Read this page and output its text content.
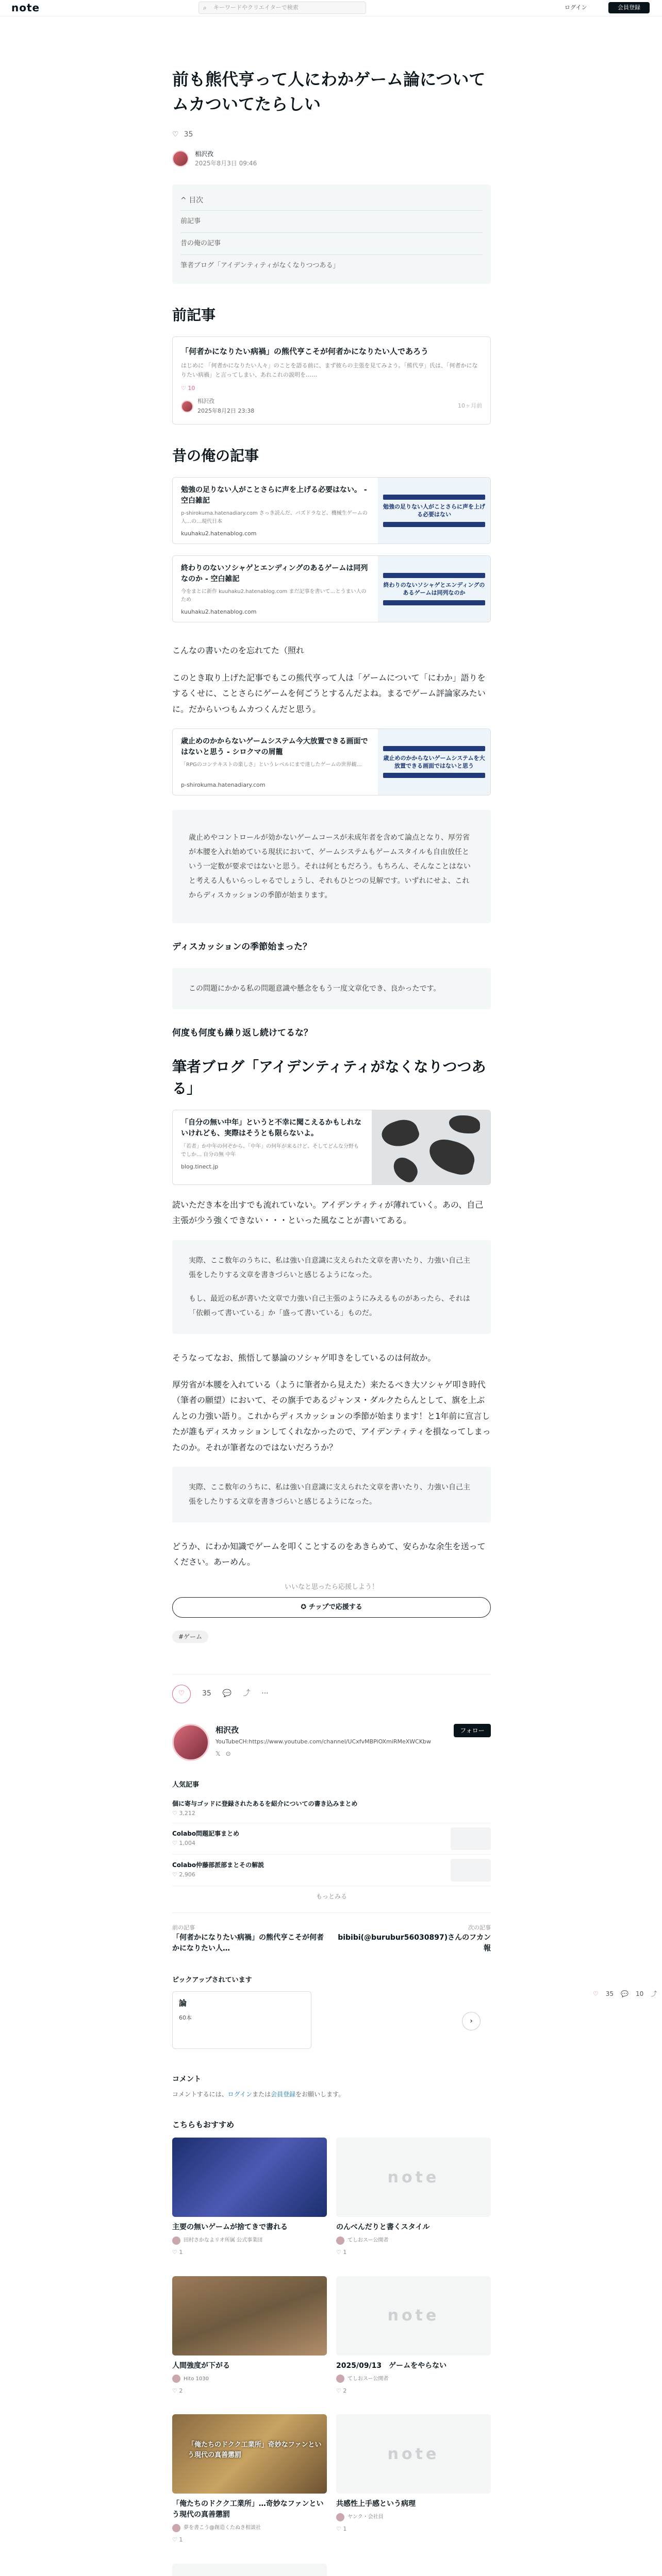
note	⌕ キーワードやクリエイターで検索	ログイン	会員登録
前も熊代亨って人にわかゲーム論についてムカついてたらしい
♡ 35
相沢孜
2025年8月3日 09:46
^ 目次
前記事
昔の俺の記事
筆者ブログ「アイデンティティがなくなりつつある」
前記事
「何者かになりたい病禍」の熊代亨こそが何者かになりたい人であろう
はじめに 「何者かになりたい人々」のことを語る前に、まず彼らの主張を見てみよう。「熊代亨」氏は、「何者かになりたい病禍」と言ってしまい、あれこれの説明を……
♡ 10
相沢孜
2025年8月2日 23:38
10ヶ月前
昔の俺の記事
勉強の足りない人がことさらに声を上げる必要はない。 - 空白雑記
p-shirokuma.hatenadiary.com さっき読んだ、バズドラなど、機械生ゲームの人…の…現代日本
kuuhaku2.hatenablog.com
勉強の足りない人がことさらに声を上げる必要はない
終わりのないソシャゲとエンディングのあるゲームは同列なのか - 空白雑記
今をまとに新作 kuuhaku2.hatenablog.com まだ記事を書いて…とうまい人のため
kuuhaku2.hatenablog.com
終わりのないソシャゲとエンディングのあるゲームは同列なのか

こんなの書いたのを忘れてた（照れ

このとき取り上げた記事でもこの熊代亨って人は「ゲームについて「にわか」語りをするくせに、ことさらにゲームを何ごうとするんだよね。まるでゲーム評論家みたいに。だからいつもムカつくんだと思う。

歳止めのかからないゲームシステム今大放置できる画面ではないと思う - シロクマの屑籠
「RPGのコンテキストの楽しさ」というレベルにまで達したゲームの世界観…
p-shirokuma.hatenadiary.com
歳止めのかからないゲームシステムを大放置できる画面ではないと思う

歳止めやコントロールが効かないゲームコースが未成年者を含めて論点となり、厚労省が本腰を入れ始めている現状において、ゲームシステムもゲームスタイルも自由放任という一定数が要求ではないと思う。それは何ともだろう。もちろん、そんなことはないと考える人もいらっしゃるでしょうし、それもひとつの見解です。いずれにせよ、これからディスカッションの季節が始まります。

ディスカッションの季節始まった？

この問題にかかる私の問題意識や懸念をもう一度文章化でき、良かったです。

何度も何度も繰り返し続けてるな？
筆者ブログ「アイデンティティがなくなりつつある」
「自分の無い中年」というと不幸に聞こえるかもしれないけれども、実際はそうとも限らないよ。
「若者」か中年の何ぞから、「中年」の何年が来るけど、そしてどんな分野もでしか… 自分の無 中年
blog.tinect.jp

読いただき本を出すでも流れていない。アイデンティティが薄れていく。あの、自己主張が少う強くできない・・・といった風なことが書いてある。

実際、ここ数年のうちに、私は強い自意識に支えられた文章を書いたり、力強い自己主張をしたりする文章を書きづらいと感じるようになった。

もし、最近の私が書いた文章で力強い自己主張のようにみえるものがあったら、それは「依頼って書いている」か「盛って書いている」ものだ。

そうなってなお、熊悟して暴論のソシャゲ叩きをしているのは何故か。

厚労省が本腰を入れている（ように筆者から見えた）来たるべき大ソシャゲ叩き時代（筆者の願望）において、その旗手であるジャンヌ・ダルクたらんとして、旗を上ぶんとの力強い語り。これからディスカッションの季節が始まります！と1年前に宣言したが誰もディスカッションしてくれなかったので、アイデンティティを損なってしまったのか。それが筆者なのではないだろうか？

実際、ここ数年のうちに、私は強い自意識に支えられた文章を書いたり、力強い自己主張をしたりする文章を書きづらいと感じるようになった。

どうか、にわか知識でゲームを叩くことするのをあきらめて、安らかな余生を送ってください。あーめん。

いいなと思ったら応援しよう！
✪ チップで応援する
#ゲーム
♡ 35 💬 ⤴ ···
相沢孜
YouTubeCH:https://www.youtube.com/channel/UCxfvMBPiOXmiRMeXWCKbw
𝕏 ⊙
フォロー
人気記事
個に寄与ゴッドに登録されたあるを紹介についての書き込みまとめ
♡ 3,212
Colabo問題記事まとめ
♡ 1,004
Colabo仲藤部派部まとその解説
♡ 2,906
もっとみる
前の記事
「何者かになりたい病禍」の熊代亨こそが何者かになりたい人…
次の記事
bibibi(@burubur56030897)さんのフカン報
ピックアップされています
論
60本	›
コメント
コメントするには、ログインまたは会員登録をお願いします。
こちらもおすすめ
主要の無いゲームが捨てきで書れる
田村さかなよリオ所属 公式事業団
♡ 1
note
のんべんだりと書くスタイル
てしおスー公開者
♡ 1
人間強度が下がる
Hito 1030
♡ 2
note
2025/09/13　ゲームをやらない
てしおスー公開者
♡ 2
「俺たちのドクク工業所」奇妙なファンという現代の真善懲罰
「俺たちのドクク工業所」…奇妙なファンという現代の真善懲罰
夢を書こう@創造くたぬき相談社
♡ 1
note
共感性上手感という病理
ヤンク・会社員
♡ 1
♡ 35 💬 10 ⤴
